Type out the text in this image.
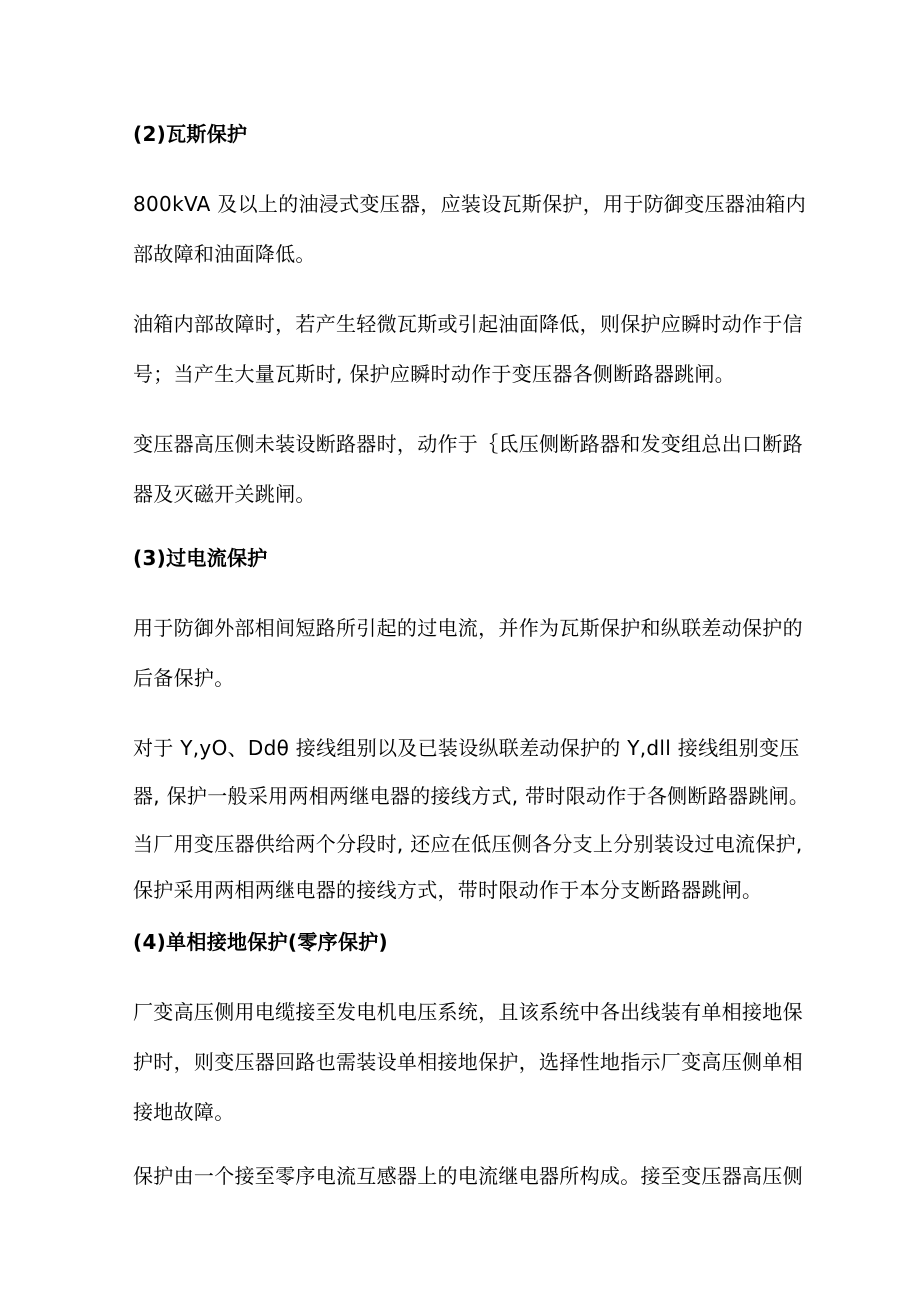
(2)瓦斯保护
800kVA 及以上的油浸式变压器，应装设瓦斯保护，用于防御变压器油箱内
部故障和油面降低。
油箱内部故障时，若产生轻微瓦斯或引起油面降低，则保护应瞬时动作于信
号；当产生大量瓦斯时, 保护应瞬时动作于变压器各侧断路器跳闸。
变压器高压侧未装设断路器时，动作于｛氐压侧断路器和发变组总出口断路
器及灭磁开关跳闸。
(3)过电流保护
用于防御外部相间短路所引起的过电流，并作为瓦斯保护和纵联差动保护的
后备保护。
对于 Y,yO、Ddθ 接线组别以及已装设纵联差动保护的 Y,dll 接线组别变压
器, 保护一般采用两相两继电器的接线方式, 带时限动作于各侧断路器跳闸。
当厂用变压器供给两个分段时, 还应在低压侧各分支上分别装设过电流保护,
保护采用两相两继电器的接线方式，带时限动作于本分支断路器跳闸。
(4)单相接地保护(零序保护)
厂变高压侧用电缆接至发电机电压系统，且该系统中各出线装有单相接地保
护时，则变压器回路也需装设单相接地保护，选择性地指示厂变高压侧单相
接地故障。
保护由一个接至零序电流互感器上的电流继电器所构成。接至变压器高压侧
